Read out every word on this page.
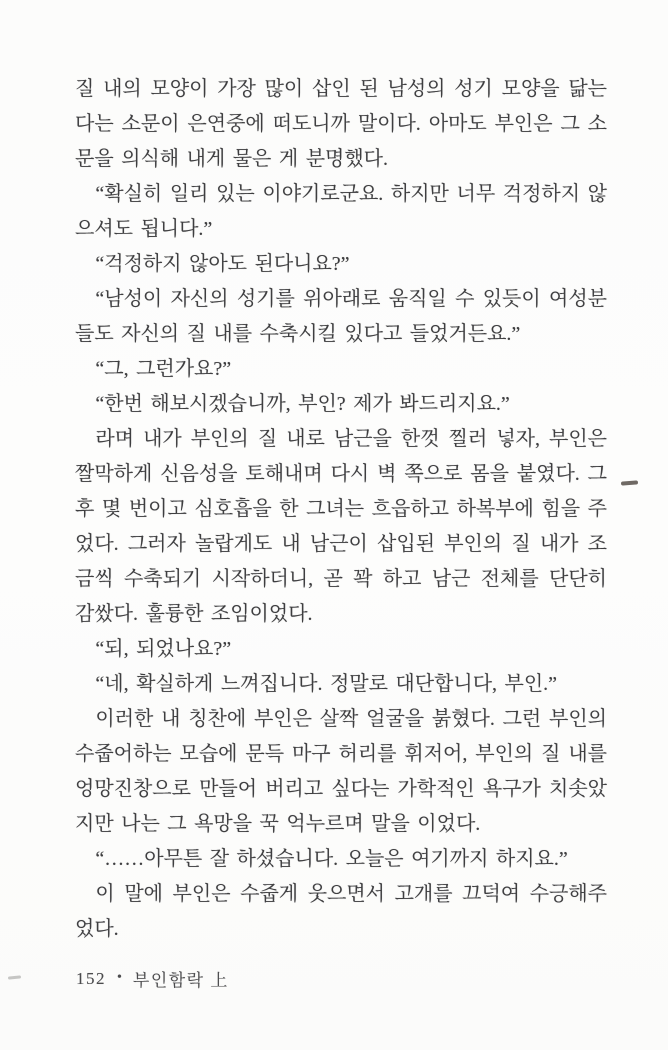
질 내의 모양이 가장 많이 삽인 된 남성의 성기 모양을 닮는다는 소문이 은연중에 떠도니까 말이다. 아마도 부인은 그 소문을 의식해 내게 물은 게 분명했다.

“확실히 일리 있는 이야기로군요. 하지만 너무 걱정하지 않으셔도 됩니다.”

“걱정하지 않아도 된다니요?”

“남성이 자신의 성기를 위아래로 움직일 수 있듯이 여성분들도 자신의 질 내를 수축시킬 있다고 들었거든요.”

“그, 그런가요?”

“한번 해보시겠습니까, 부인? 제가 봐드리지요.”

라며 내가 부인의 질 내로 남근을 한껏 찔러 넣자, 부인은 짤막하게 신음성을 토해내며 다시 벽 쪽으로 몸을 붙였다. 그 후 몇 번이고 심호흡을 한 그녀는 흐읍하고 하복부에 힘을 주었다. 그러자 놀랍게도 내 남근이 삽입된 부인의 질 내가 조금씩 수축되기 시작하더니, 곧 꽉 하고 남근 전체를 단단히 감쌌다. 훌륭한 조임이었다.

“되, 되었나요?”

“네, 확실하게 느껴집니다. 정말로 대단합니다, 부인.”

이러한 내 칭찬에 부인은 살짝 얼굴을 붉혔다. 그런 부인의 수줍어하는 모습에 문득 마구 허리를 휘저어, 부인의 질 내를 엉망진창으로 만들어 버리고 싶다는 가학적인 욕구가 치솟았지만 나는 그 욕망을 꾹 억누르며 말을 이었다.

“……아무튼 잘 하셨습니다. 오늘은 여기까지 하지요.”

이 말에 부인은 수줍게 웃으면서 고개를 끄덕여 수긍해주었다.

152 • 부인함락 上
